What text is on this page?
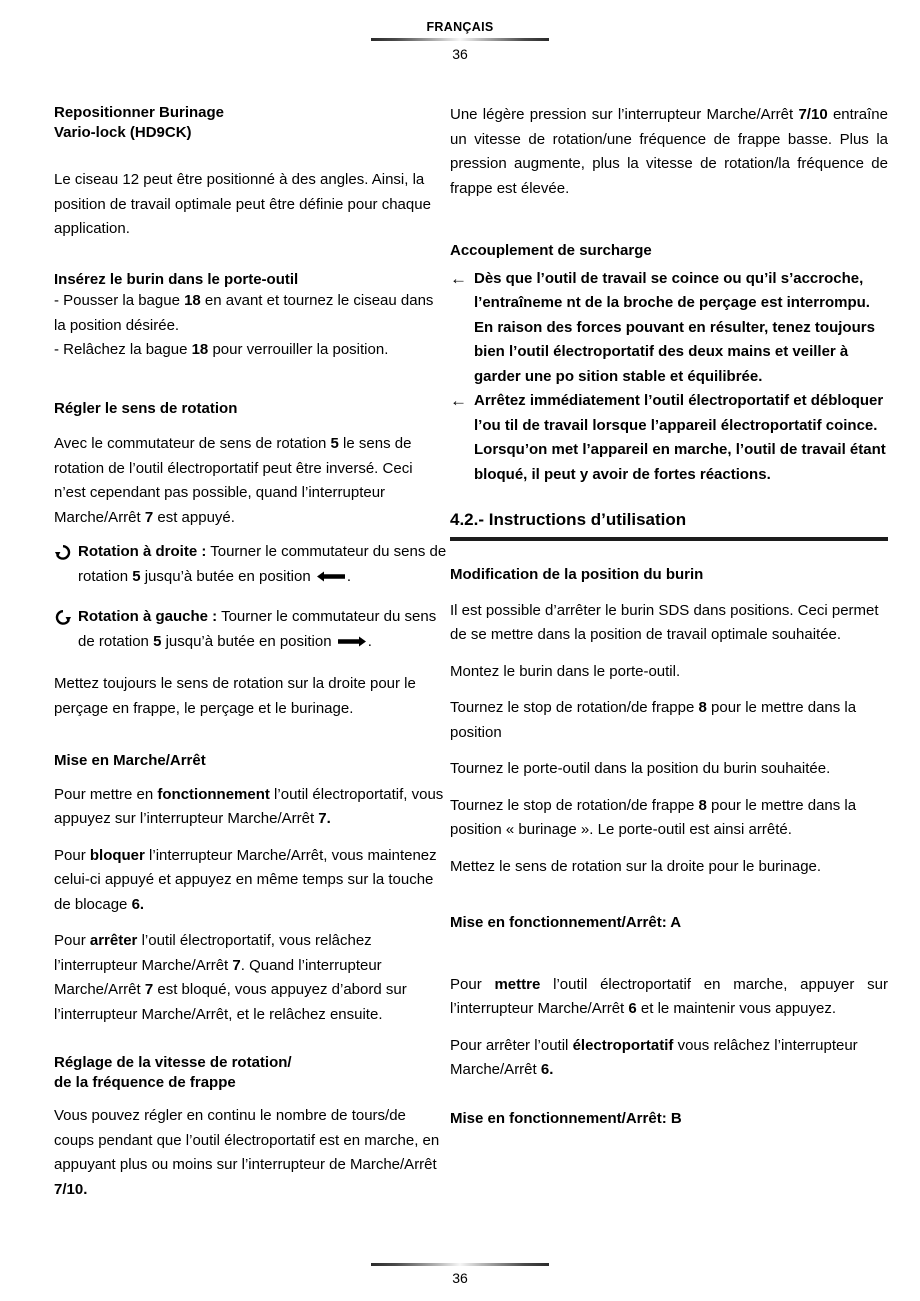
FRANÇAIS
36
Repositionner Burinage
Vario-lock (HD9CK)

Le ciseau 12 peut être positionné à des angles. Ainsi, la position de travail optimale peut être définie pour chaque application.

Insérez le burin dans le porte-outil

- Pousser la bague 18 en avant et tournez le ciseau dans la position désirée.

- Relâchez la bague 18 pour verrouiller la position.

Régler le sens de rotation

Avec le commutateur de sens de rotation 5 le sens de rotation de l’outil électroportatif peut être inversé. Ceci n’est cependant pas possible, quand l’interrupteur Marche/Arrêt 7 est appuyé.

Rotation à droite : Tourner le commutateur du sens de rotation 5 jusqu’à butée en position
.
Rotation à gauche : Tourner le commutateur du sens de rotation 5 jusqu’à butée en position
.

Mettez toujours le sens de rotation sur la droite pour le perçage en frappe, le perçage et le burinage.

Mise en Marche/Arrêt

Pour mettre en fonctionnement l’outil électroportatif, vous appuyez sur l’interrupteur Marche/Arrêt 7.

Pour bloquer l’interrupteur Marche/Arrêt, vous maintenez celui-ci appuyé et appuyez en même temps sur la touche de blocage 6.

Pour arrêter l’outil électroportatif, vous relâchez l’interrupteur Marche/Arrêt 7. Quand l’interrupteur Marche/Arrêt 7 est bloqué, vous appuyez d’abord sur l’interrupteur Marche/Arrêt, et le relâchez ensuite.

Réglage de la vitesse de rotation/
de la fréquence de frappe

Vous pouvez régler en continu le nombre de tours/de coups pendant que l’outil électroportatif est en marche, en appuyant plus ou moins sur l’interrupteur de Marche/Arrêt 7/10.

Une légère pression sur l’interrupteur Marche/Arrêt 7/10 entraîne un vitesse de rotation/une fréquence de frappe basse. Plus la pression augmente, plus la vitesse de rotation/la fréquence de frappe est élevée.

Accouplement de surcharge
← Dès que l’outil de travail se coince ou qu’il s’accroche, l’entraîneme nt de la broche de perçage est interrompu. En raison des forces pouvant en résulter, tenez toujours bien l’outil électroportatif des deux mains et veiller à garder une po sition stable et équilibrée.
← Arrêtez immédiatement l’outil électroportatif et débloquer l’ou til de travail lorsque l’appareil électroportatif coince. Lorsqu’on met l’appareil en marche, l’outil de travail étant bloqué, il peut y avoir de fortes réactions.
4.2.- Instructions d’utilisation
Modification de la position du burin

Il est possible d’arrêter le burin SDS dans positions. Ceci permet de se mettre dans la position de travail optimale souhaitée.

Montez le burin dans le porte-outil.

Tournez le stop de rotation/de frappe 8 pour le mettre dans la position

Tournez le porte-outil dans la position du burin souhaitée.

Tournez le stop de rotation/de frappe 8 pour le mettre dans la position « burinage ». Le porte-outil est ainsi arrêté.

Mettez le sens de rotation sur la droite pour le burinage.

Mise en fonctionnement/Arrêt: A

Pour mettre l’outil électroportatif en marche, appuyer sur l’interrupteur Marche/Arrêt 6 et le maintenir vous appuyez.

Pour arrêter l’outil électroportatif vous relâchez l’interrupteur Marche/Arrêt 6.

Mise en fonctionnement/Arrêt: B
36
